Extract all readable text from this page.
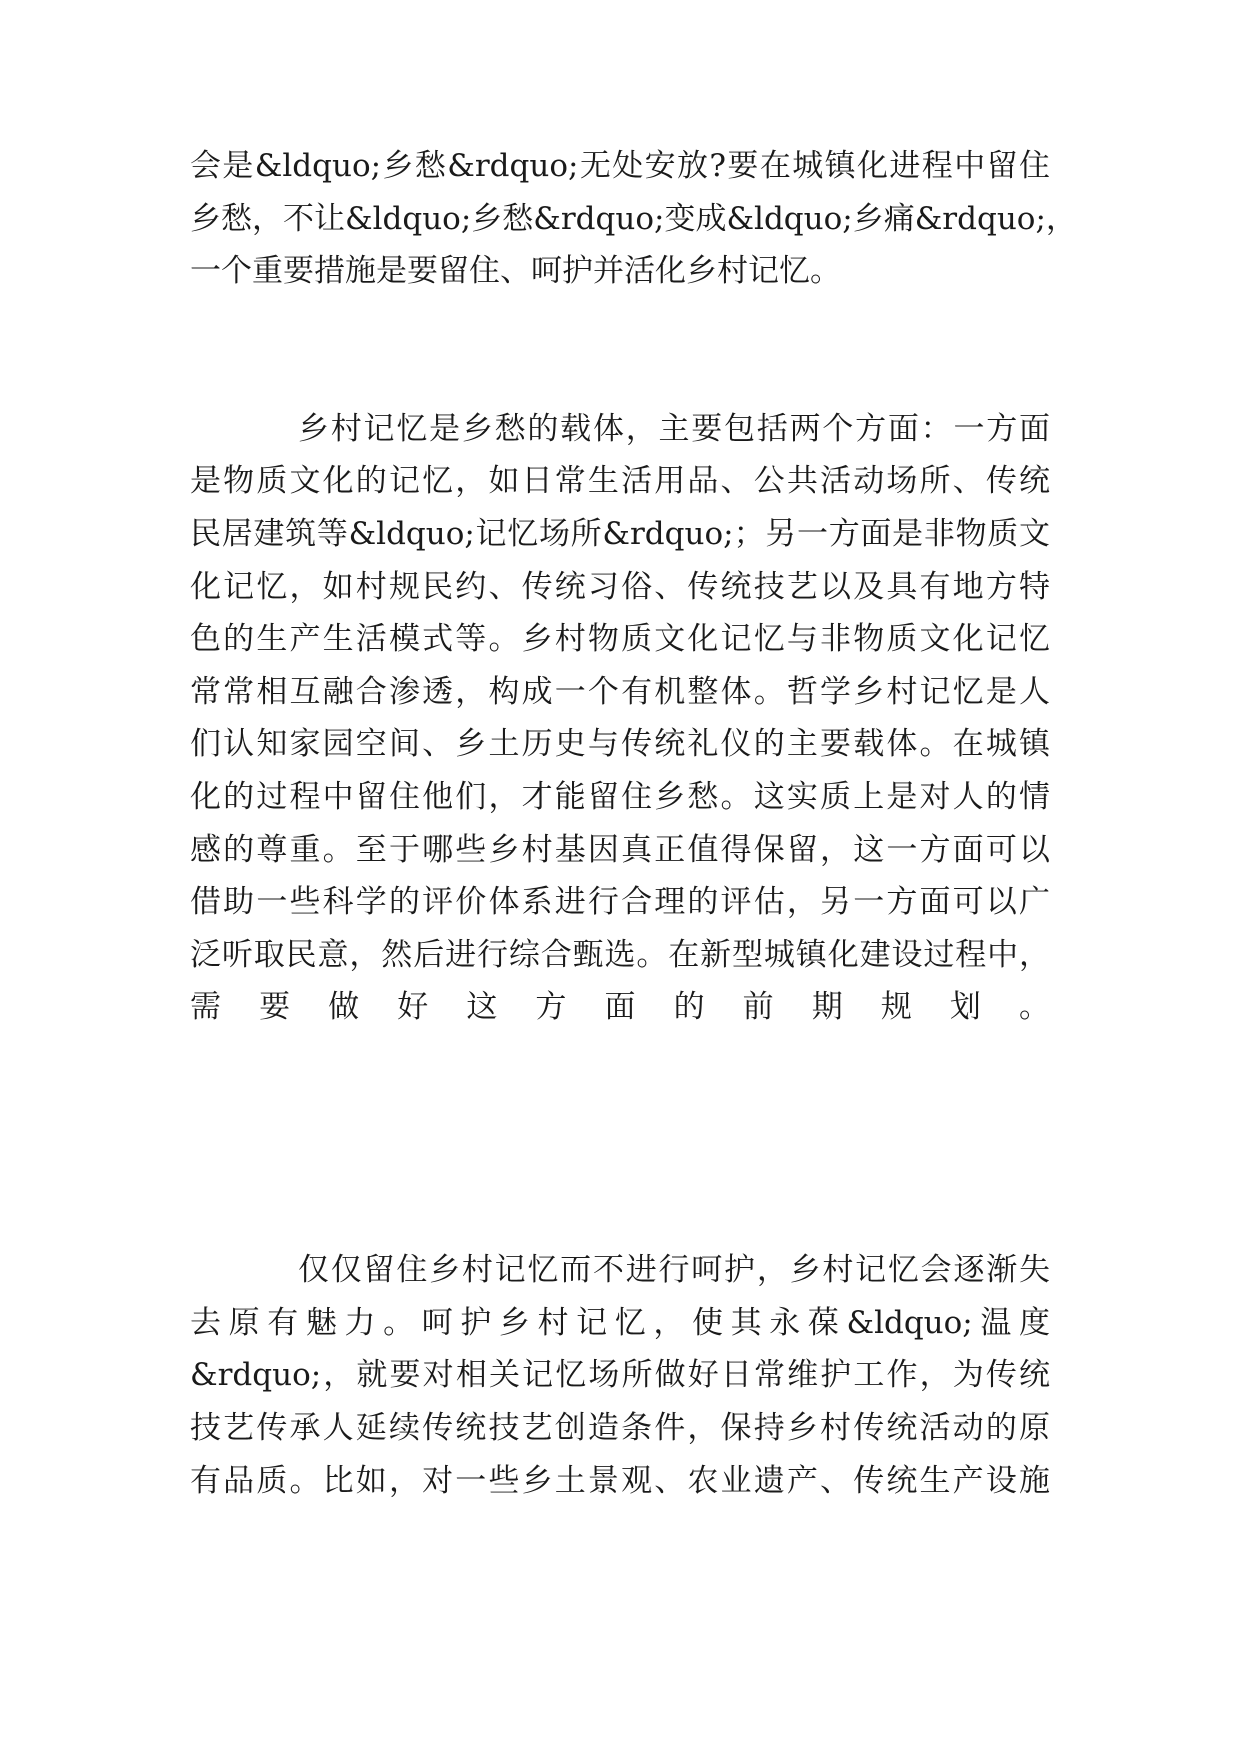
会是&ldquo;乡愁&rdquo;无处安放?要在城镇化进程中留住
乡愁，不让&ldquo;乡愁&rdquo;变成&ldquo;乡痛&rdquo;，
一个重要措施是要留住、呵护并活化乡村记忆。
乡村记忆是乡愁的载体，主要包括两个方面：一方面
是物质文化的记忆，如日常生活用品、公共活动场所、传统
民居建筑等&ldquo;记忆场所&rdquo;；另一方面是非物质文
化记忆，如村规民约、传统习俗、传统技艺以及具有地方特
色的生产生活模式等。乡村物质文化记忆与非物质文化记忆
常常相互融合渗透，构成一个有机整体。哲学乡村记忆是人
们认知家园空间、乡土历史与传统礼仪的主要载体。在城镇
化的过程中留住他们，才能留住乡愁。这实质上是对人的情
感的尊重。至于哪些乡村基因真正值得保留，这一方面可以
借助一些科学的评价体系进行合理的评估，另一方面可以广
泛听取民意，然后进行综合甄选。在新型城镇化建设过程中，
需要做好这方面的前期规划。
仅仅留住乡村记忆而不进行呵护，乡村记忆会逐渐失
去原有魅力。呵护乡村记忆，使其永葆&ldquo;温度
&rdquo;，就要对相关记忆场所做好日常维护工作，为传统
技艺传承人延续传统技艺创造条件，保持乡村传统活动的原
有品质。比如，对一些乡土景观、农业遗产、传统生产设施
